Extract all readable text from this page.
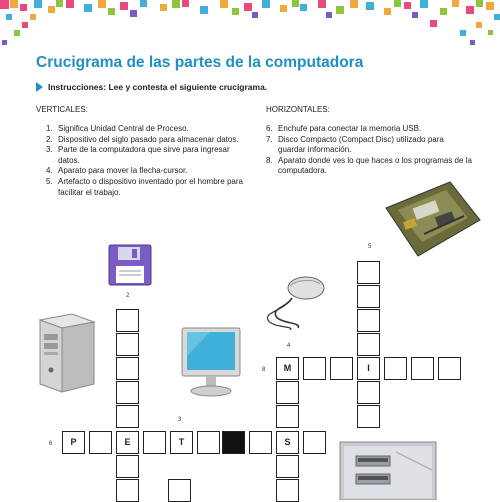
Crucigrama de las partes de la computadora
Instrucciones: Lee y contesta el siguiente crucigrama.
VERTICALES:
1. Significa Unidad Central de Proceso.
2. Dispositivo del siglo pasado para almacenar datos.
3. Parte de la computadora que sirve para ingresar datos.
4. Aparato para mover la flecha-cursor.
5. Artefacto o dispositivo inventado por el hombre para facilitar el trabajo.
HORIZONTALES:
6. Enchufe para conectar la memoria USB.
7. Disco Compacto (Compact Disc) utilizado para guardar información.
8. Aparato donde ves lo que haces o los programas de la computadora.
2
3
4
5
6
8	M	I
P	E	T	S
